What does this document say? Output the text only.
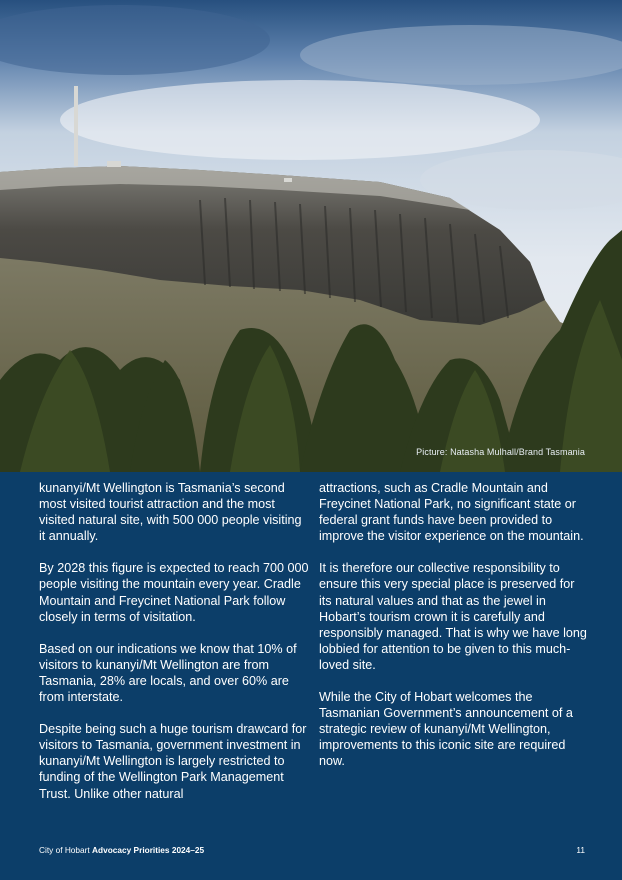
Picture: Natasha Mulhall/Brand Tasmania

kunanyi/Mt Wellington is Tasmania’s second most visited tourist attraction and the most visited natural site, with 500 000 people visiting it annually.

By 2028 this figure is expected to reach 700 000 people visiting the mountain every year. Cradle Mountain and Freycinet National Park follow closely in terms of visitation.

Based on our indications we know that 10% of visitors to kunanyi/Mt Wellington are from Tasmania, 28% are locals, and over 60% are from interstate.

Despite being such a huge tourism drawcard for visitors to Tasmania, government investment in kunanyi/Mt Wellington is largely restricted to funding of the Wellington Park Management Trust. Unlike other natural

attractions, such as Cradle Mountain and Freycinet National Park, no significant state or federal grant funds have been provided to improve the visitor experience on the mountain.

It is therefore our collective responsibility to ensure this very special place is preserved for its natural values and that as the jewel in Hobart’s tourism crown it is carefully and responsibly managed. That is why we have long lobbied for attention to be given to this much-loved site.

While the City of Hobart welcomes the Tasmanian Government’s announcement of a strategic review of kunanyi/Mt Wellington, improvements to this iconic site are required now.

City of Hobart Advocacy Priorities 2024–25	11
